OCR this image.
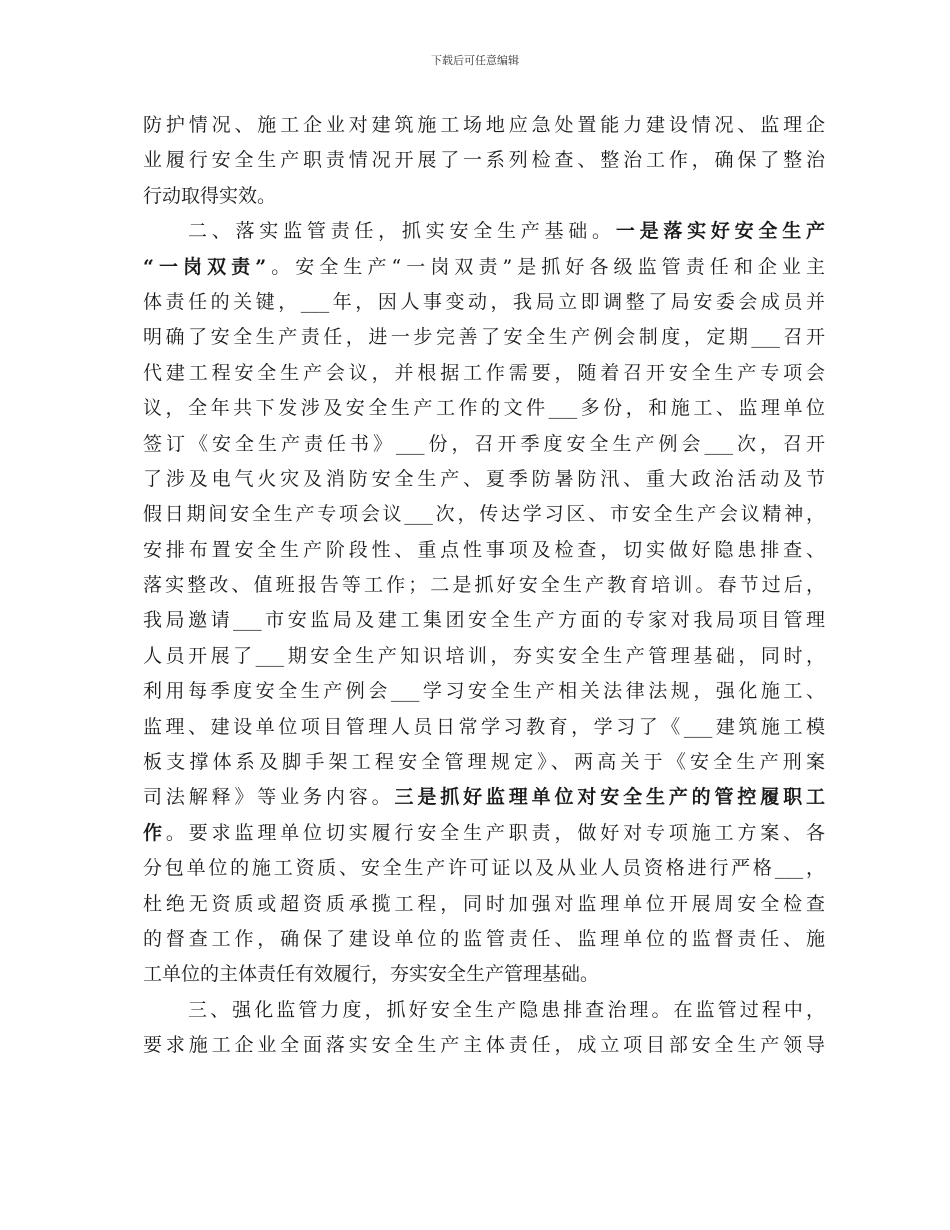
下载后可任意编辑
防护情况、施工企业对建筑施工场地应急处置能力建设情况、监理企
业履行安全生产职责情况开展了一系列检查、整治工作，确保了整治
行动取得实效。
二、落实监管责任，抓实安全生产基础。一是落实好安全生产
“一岗双责”。安全生产“一岗双责”是抓好各级监管责任和企业主
体责任的关键，___年，因人事变动，我局立即调整了局安委会成员并
明确了安全生产责任，进一步完善了安全生产例会制度，定期___召开
代建工程安全生产会议，并根据工作需要，随着召开安全生产专项会
议，全年共下发涉及安全生产工作的文件___多份，和施工、监理单位
签订《安全生产责任书》___份，召开季度安全生产例会___次，召开
了涉及电气火灾及消防安全生产、夏季防暑防汛、重大政治活动及节
假日期间安全生产专项会议___次，传达学习区、市安全生产会议精神，
安排布置安全生产阶段性、重点性事项及检查，切实做好隐患排查、
落实整改、值班报告等工作；二是抓好安全生产教育培训。春节过后，
我局邀请___市安监局及建工集团安全生产方面的专家对我局项目管理
人员开展了___期安全生产知识培训，夯实安全生产管理基础，同时，
利用每季度安全生产例会___学习安全生产相关法律法规，强化施工、
监理、建设单位项目管理人员日常学习教育，学习了《___建筑施工模
板支撑体系及脚手架工程安全管理规定》、两高关于《安全生产刑案
司法解释》等业务内容。三是抓好监理单位对安全生产的管控履职工
作。要求监理单位切实履行安全生产职责，做好对专项施工方案、各
分包单位的施工资质、安全生产许可证以及从业人员资格进行严格___，
杜绝无资质或超资质承揽工程，同时加强对监理单位开展周安全检查
的督查工作，确保了建设单位的监管责任、监理单位的监督责任、施
工单位的主体责任有效履行，夯实安全生产管理基础。
三、强化监管力度，抓好安全生产隐患排查治理。在监管过程中，
要求施工企业全面落实安全生产主体责任，成立项目部安全生产领导
